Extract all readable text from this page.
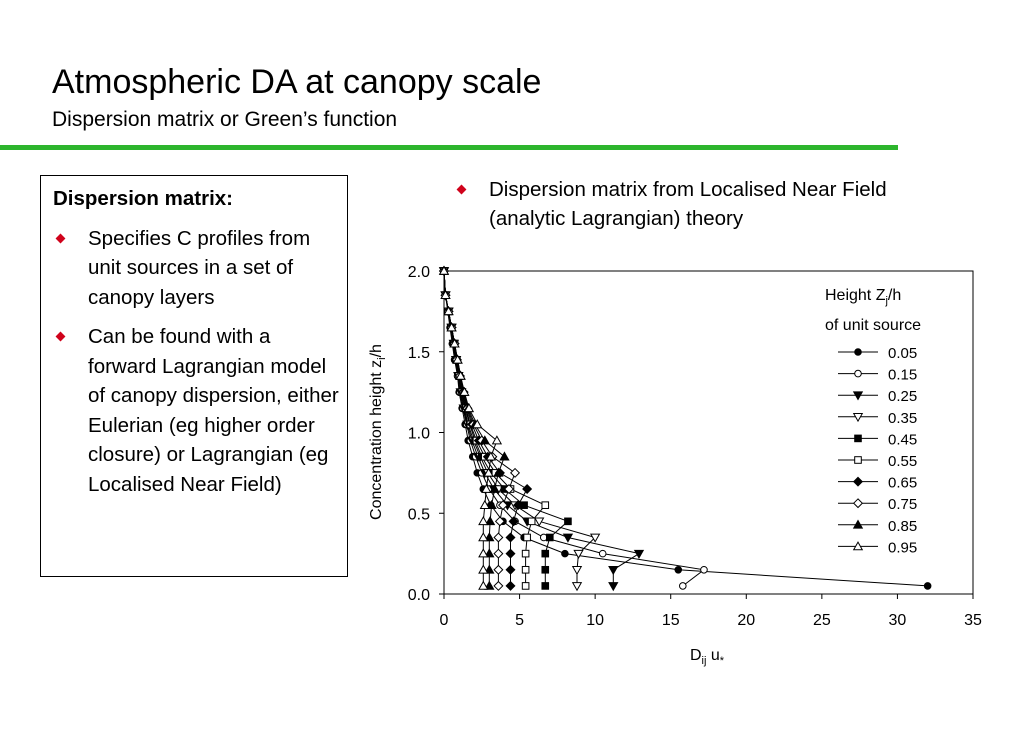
Atmospheric DA at canopy scale
Dispersion matrix or Green’s function
Dispersion matrix:
Specifies C profiles from unit sources in a set of canopy layers
Can be found with a forward Lagrangian model of canopy dispersion, either Eulerian (eg higher order closure) or Lagrangian (eg Localised Near Field)
Dispersion matrix from Localised Near Field (analytic Lagrangian) theory
Concentration height $z_i/h$
$D_{ij}$ $u_*$
Height $Z_j/h$
of unit source
0	5	10	15	20	25	30	35
0.0
0.5
1.0
1.5
2.0
0.05
0.15
0.25
0.35
0.45
0.55
0.65
0.75
0.85
0.95
